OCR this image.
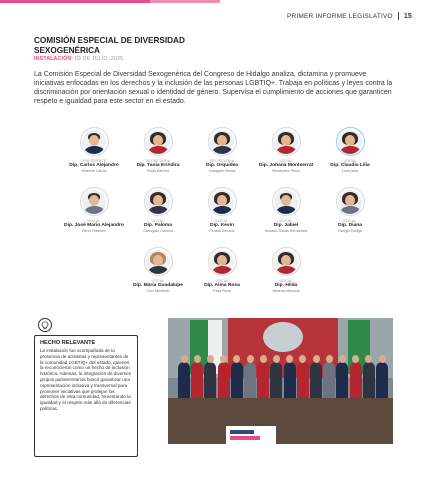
PRIMER INFORME LEGISLATIVO 15
COMISIÓN ESPECIAL DE DIVERSIDAD SEXOGENÉRICA
INSTALACIÓN: 09 DE JULIO, 2025

La Comisión Especial de Diversidad Sexogenérica del Congreso de Hidalgo analiza, dictamina y promueve iniciativas enfocadas en los derechos y la inclusión de las personas LGBTIQ+. Trabaja en políticas y leyes contra la discriminación por orientación sexual o identidad de género. Supervisa el cumplimiento de acciones que garanticen respeto e igualdad para este sector en el estado.

PRESIDENTE
Dip. Carlos Alejandro
Alderete Calvijo
SECRETARIA
Dip. Tania Erindira
Rivas Barrera
SECRETARIA
Dip. Orquídea
Larragoiti Olvera
VOCAL
Dip. Johana Montserrat
Hernández Pérez
VOCAL
Dip. Claudia Lilia
Luna Islas
VOCAL
Dip. José Mario Alejandro
Pérez Ramírez
VOCAL
Dip. Paloma
Carrugato Garnica
VOCAL
Dip. Kevin
Peralta Serrano
VOCAL
Dip. Jabiel
Hurtado-Rosas Hernández
VOCAL
Dip. Diana
Rangel Zúñiga
VOCAL
Dip. María Guadalupe
Cruz Montiello
VOCAL
Dip. Alma Rosa
Elías Reza
VOCAL
Dip. Hilda
Miranda Miranda
HECHO RELEVANTE

La instalación fue acompañada de la presencia de activistas y representantes de la comunidad LGBTIQ+ del estado, quienes la reconocieron como un hecho de inclusión histórica. Además, la integración de diversos grupos parlamentarios buscó garantizar una representación inclusiva y transversal para promover iniciativas que protejan los derechos de esta comunidad, fomentando la igualdad y el respeto más allá de diferencias políticas.
